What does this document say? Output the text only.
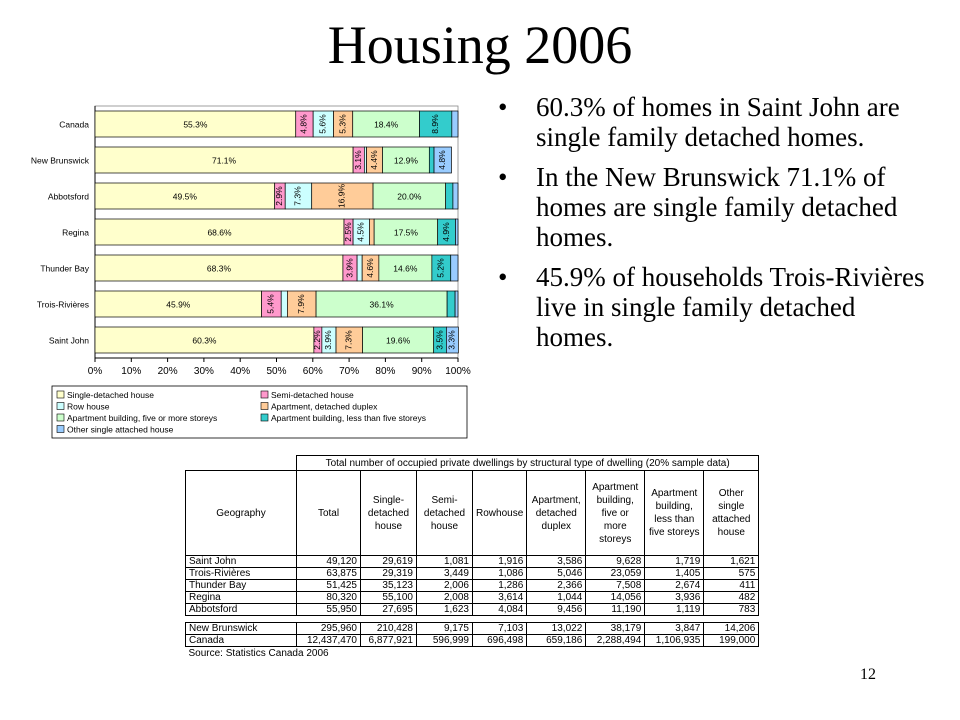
Housing 2006
• 60.3% of homes in Saint John are single family detached homes.
• In the New Brunswick 71.1% of homes are single family detached homes.
• 45.9% of households Trois-Rivières live in single family detached homes.
0% 10% 20% 30% 40% 50% 60% 70% 80% 90% 100%
Canada	55.3%	4.8% 5.6% 5.3%	18.4%	8.9%
New Brunswick	71.1%	3.1% 4.4% 12.9% 4.8%
Abbotsford	49.5%	2.9% 7.3%	16.9%	20.0%
Regina	68.6%	2.5% 4.5%	17.5%	4.9%
Thunder Bay	68.3%	3.9% 4.6% 14.6% 5.2%
Trois-Rivières	45.9%	5.4% 7.9%	36.1%
Saint John	60.3%	2.2% 3.9% 7.3%	19.6%	3.5% 3.3%
Single-detached house	Semi-detached house
Row house	Apartment, detached duplex
Apartment building, five or more storeys	Apartment building, less than five storeys
Other single attached house
	Total number of occupied private dwellings by structural type of dwelling (20% sample data)							
Geography	Total	Single-detached house	Semi-detached house	Rowhouse	Apartment, detached duplex	Apartment building, five or more storeys	Apartment building, less than five storeys	Other single attached house
Saint John	49,120	29,619	1,081	1,916	3,586	9,628	1,719	1,621
Trois-Rivières	63,875	29,319	3,449	1,086	5,046	23,059	1,405	575
Thunder Bay	51,425	35,123	2,006	1,286	2,366	7,508	2,674	411
Regina	80,320	55,100	2,008	3,614	1,044	14,056	3,936	482
Abbotsford	55,950	27,695	1,623	4,084	9,456	11,190	1,119	783

New Brunswick	295,960	210,428	9,175	7,103	13,022	38,179	3,847	14,206
Canada	12,437,470	6,877,921	596,999	696,498	659,186	2,288,494	1,106,935	199,000
Source: Statistics Canada 2006								
12
